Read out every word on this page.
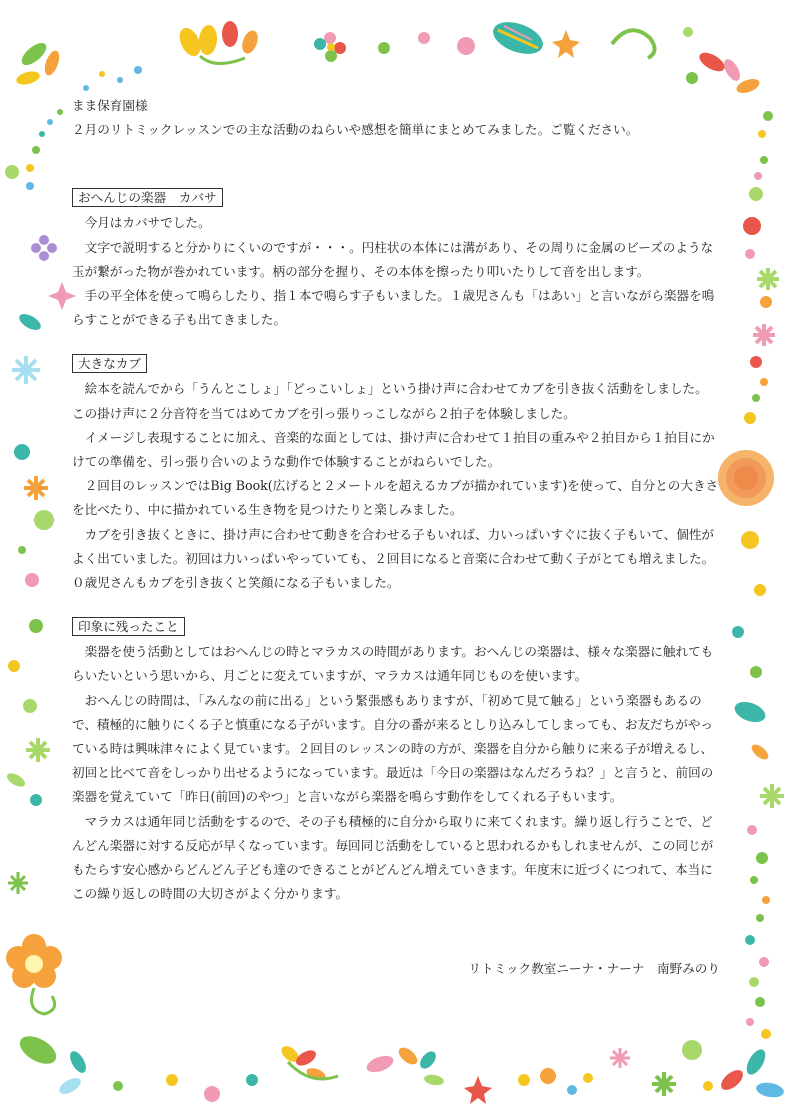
まま保育園様

２月のリトミックレッスンでの主な活動のねらいや感想を簡単にまとめてみました。ご覧ください。

おへんじの楽器　カバサ

今月はカバサでした。

文字で説明すると分かりにくいのですが・・・。円柱状の本体には溝があり、その周りに金属のビーズのような玉が繋がった物が巻かれています。柄の部分を握り、その本体を擦ったり叩いたりして音を出します。

手の平全体を使って鳴らしたり、指１本で鳴らす子もいました。１歳児さんも「はあい」と言いながら楽器を鳴らすことができる子も出てきました。

大きなカブ

絵本を読んでから「うんとこしょ」「どっこいしょ」という掛け声に合わせてカブを引き抜く活動をしました。この掛け声に２分音符を当てはめてカブを引っ張りっこしながら２拍子を体験しました。

イメージし表現することに加え、音楽的な面としては、掛け声に合わせて１拍目の重みや２拍目から１拍目にかけての準備を、引っ張り合いのような動作で体験することがねらいでした。

２回目のレッスンではBig Book(広げると２メートルを超えるカブが描かれています)を使って、自分との大きさを比べたり、中に描かれている生き物を見つけたりと楽しみました。

カブを引き抜くときに、掛け声に合わせて動きを合わせる子もいれば、力いっぱいすぐに抜く子もいて、個性がよく出ていました。初回は力いっぱいやっていても、２回目になると音楽に合わせて動く子がとても増えました。０歳児さんもカブを引き抜くと笑顔になる子もいました。

印象に残ったこと

楽器を使う活動としてはおへんじの時とマラカスの時間があります。おへんじの楽器は、様々な楽器に触れてもらいたいという思いから、月ごとに変えていますが、マラカスは通年同じものを使います。

おへんじの時間は、「みんなの前に出る」という緊張感もありますが、「初めて見て触る」という楽器もあるので、積極的に触りにくる子と慎重になる子がいます。自分の番が来るとしり込みしてしまっても、お友だちがやっている時は興味津々によく見ています。２回目のレッスンの時の方が、楽器を自分から触りに来る子が増えるし、初回と比べて音をしっかり出せるようになっています。最近は「今日の楽器はなんだろうね？」と言うと、前回の楽器を覚えていて「昨日(前回)のやつ」と言いながら楽器を鳴らす動作をしてくれる子もいます。

マラカスは通年同じ活動をするので、その子も積極的に自分から取りに来てくれます。繰り返し行うことで、どんどん楽器に対する反応が早くなっています。毎回同じ活動をしていると思われるかもしれませんが、この同じがもたらす安心感からどんどん子ども達のできることがどんどん増えていきます。年度末に近づくにつれて、本当にこの繰り返しの時間の大切さがよく分かります。

リトミック教室ニーナ・ナーナ　南野みのり
